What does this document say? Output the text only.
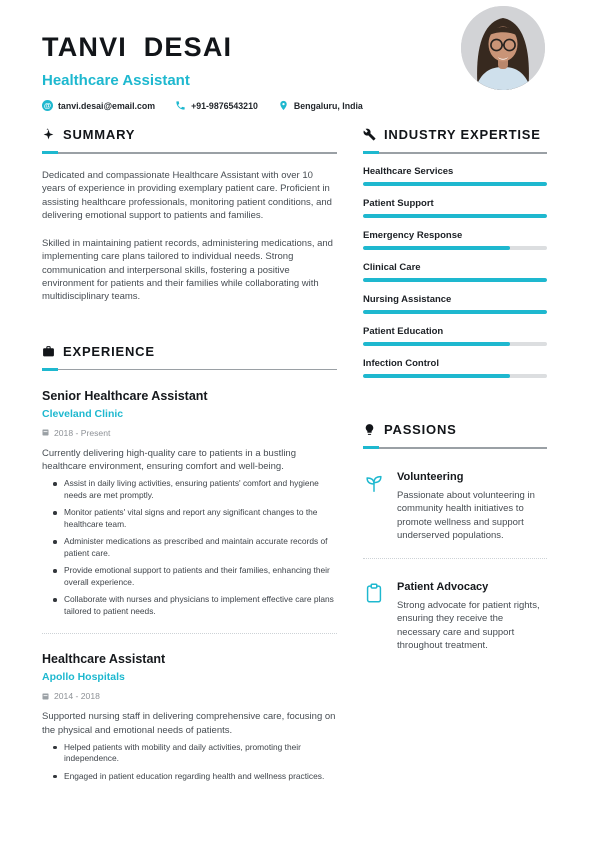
TANVI DESAI
Healthcare Assistant
@ tanvi.desai@email.com	+91-9876543210	Bengaluru, India
SUMMARY

Dedicated and compassionate Healthcare Assistant with over 10 years of experience in providing exemplary patient care. Proficient in assisting healthcare professionals, monitoring patient conditions, and delivering emotional support to patients and families.

Skilled in maintaining patient records, administering medications, and implementing care plans tailored to individual needs. Strong communication and interpersonal skills, fostering a positive environment for patients and their families while collaborating with multidisciplinary teams.

EXPERIENCE
Senior Healthcare Assistant
Cleveland Clinic
2018 - Present
Currently delivering high-quality care to patients in a bustling healthcare environment, ensuring comfort and well-being.
Assist in daily living activities, ensuring patients' comfort and hygiene needs are met promptly.
Monitor patients' vital signs and report any significant changes to the healthcare team.
Administer medications as prescribed and maintain accurate records of patient care.
Provide emotional support to patients and their families, enhancing their overall experience.
Collaborate with nurses and physicians to implement effective care plans tailored to patient needs.
Healthcare Assistant
Apollo Hospitals
2014 - 2018
Supported nursing staff in delivering comprehensive care, focusing on the physical and emotional needs of patients.
Helped patients with mobility and daily activities, promoting their independence.
Engaged in patient education regarding health and wellness practices.
INDUSTRY EXPERTISE
Healthcare Services
Patient Support
Emergency Response
Clinical Care
Nursing Assistance
Patient Education
Infection Control
PASSIONS
Volunteering
Passionate about volunteering in community health initiatives to promote wellness and support underserved populations.
Patient Advocacy
Strong advocate for patient rights, ensuring they receive the necessary care and support throughout treatment.
